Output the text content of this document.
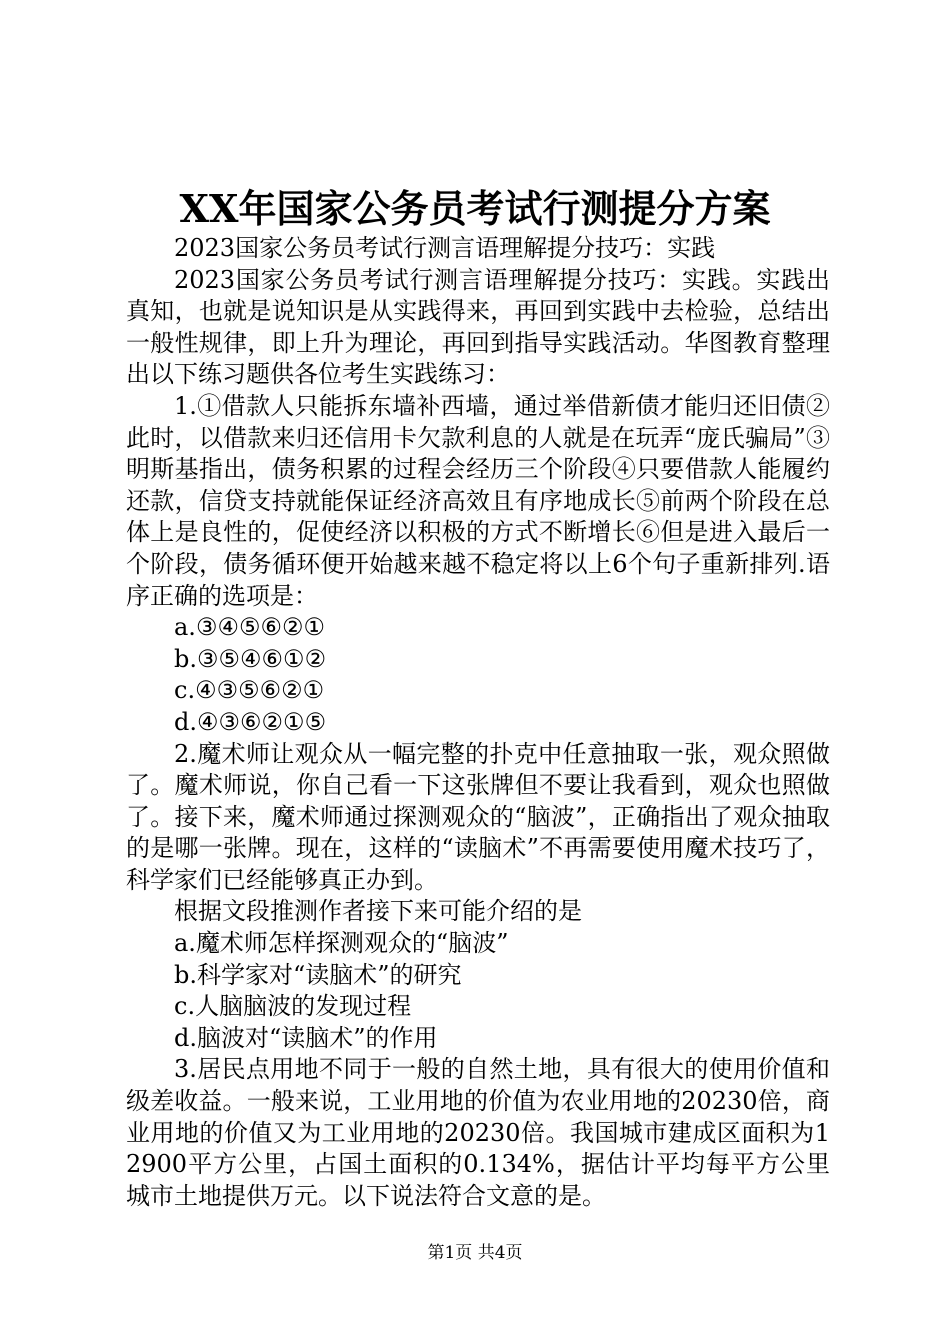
XX年国家公务员考试行测提分方案

2023国家公务员考试行测言语理解提分技巧：实践

2023国家公务员考试行测言语理解提分技巧：实践。实践出真知，也就是说知识是从实践得来，再回到实践中去检验，总结出一般性规律，即上升为理论，再回到指导实践活动。华图教育整理出以下练习题供各位考生实践练习：

1.①借款人只能拆东墙补西墙，通过举借新债才能归还旧债②此时，以借款来归还信用卡欠款利息的人就是在玩弄“庞氏骗局”③明斯基指出，债务积累的过程会经历三个阶段④只要借款人能履约还款，信贷支持就能保证经济高效且有序地成长⑤前两个阶段在总体上是良性的，促使经济以积极的方式不断增长⑥但是进入最后一个阶段，债务循环便开始越来越不稳定将以上6个句子重新排列.语序正确的选项是：

a.③④⑤⑥②①

b.③⑤④⑥①②

c.④③⑤⑥②①

d.④③⑥②①⑤

2.魔术师让观众从一幅完整的扑克中任意抽取一张，观众照做了。魔术师说，你自己看一下这张牌但不要让我看到，观众也照做了。接下来，魔术师通过探测观众的“脑波”，正确指出了观众抽取的是哪一张牌。现在，这样的“读脑术”不再需要使用魔术技巧了，科学家们已经能够真正办到。

根据文段推测作者接下来可能介绍的是

a.魔术师怎样探测观众的“脑波”

b.科学家对“读脑术”的研究

c.人脑脑波的发现过程

d.脑波对“读脑术”的作用

3.居民点用地不同于一般的自然土地，具有很大的使用价值和级差收益。一般来说，工业用地的价值为农业用地的20230倍，商业用地的价值又为工业用地的20230倍。我国城市建成区面积为12900平方公里，占国土面积的0.134%，据估计平均每平方公里城市土地提供万元。以下说法符合文意的是。

第1页 共4页
